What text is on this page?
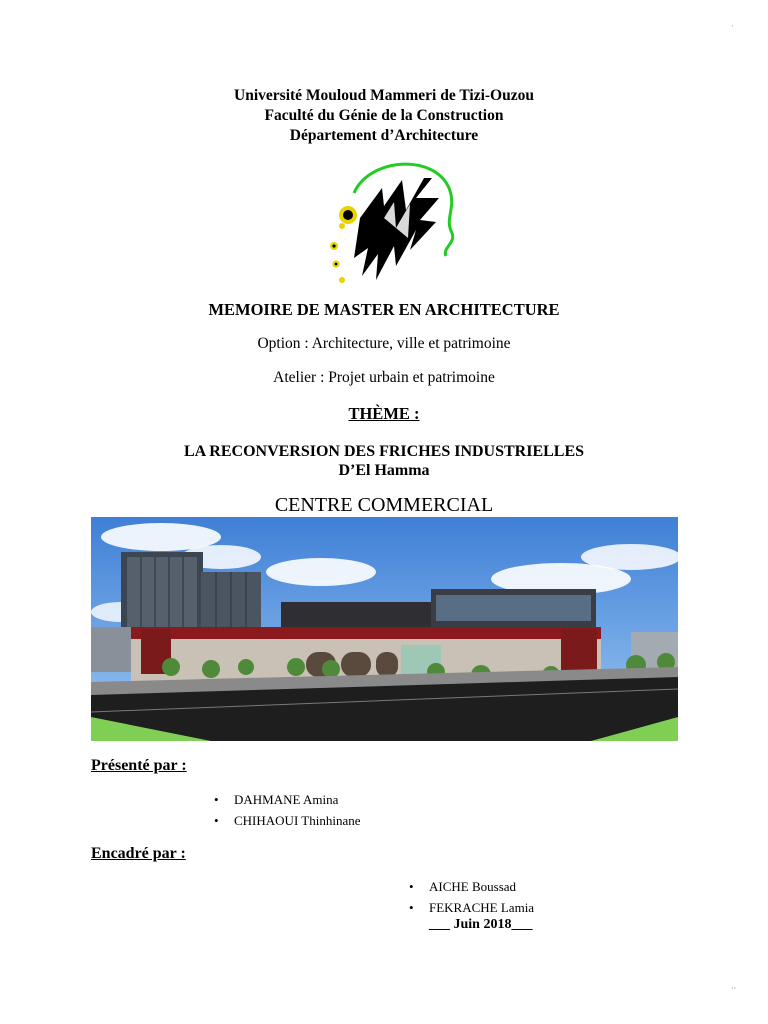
Université Mouloud Mammeri de Tizi-Ouzou
Faculté du Génie de la Construction
Département d’Architecture
MEMOIRE DE MASTER EN ARCHITECTURE
Option : Architecture, ville et patrimoine
Atelier : Projet urbain et patrimoine
THÈME :
LA RECONVERSION DES FRICHES INDUSTRIELLES
D’El Hamma
CENTRE COMMERCIAL
Présenté par :
• DAHMANE Amina
• CHIHAOUI Thinhinane
Encadré par :
• AICHE Boussad
• FEKRACHE Lamia
___ Juin 2018___
·
··
